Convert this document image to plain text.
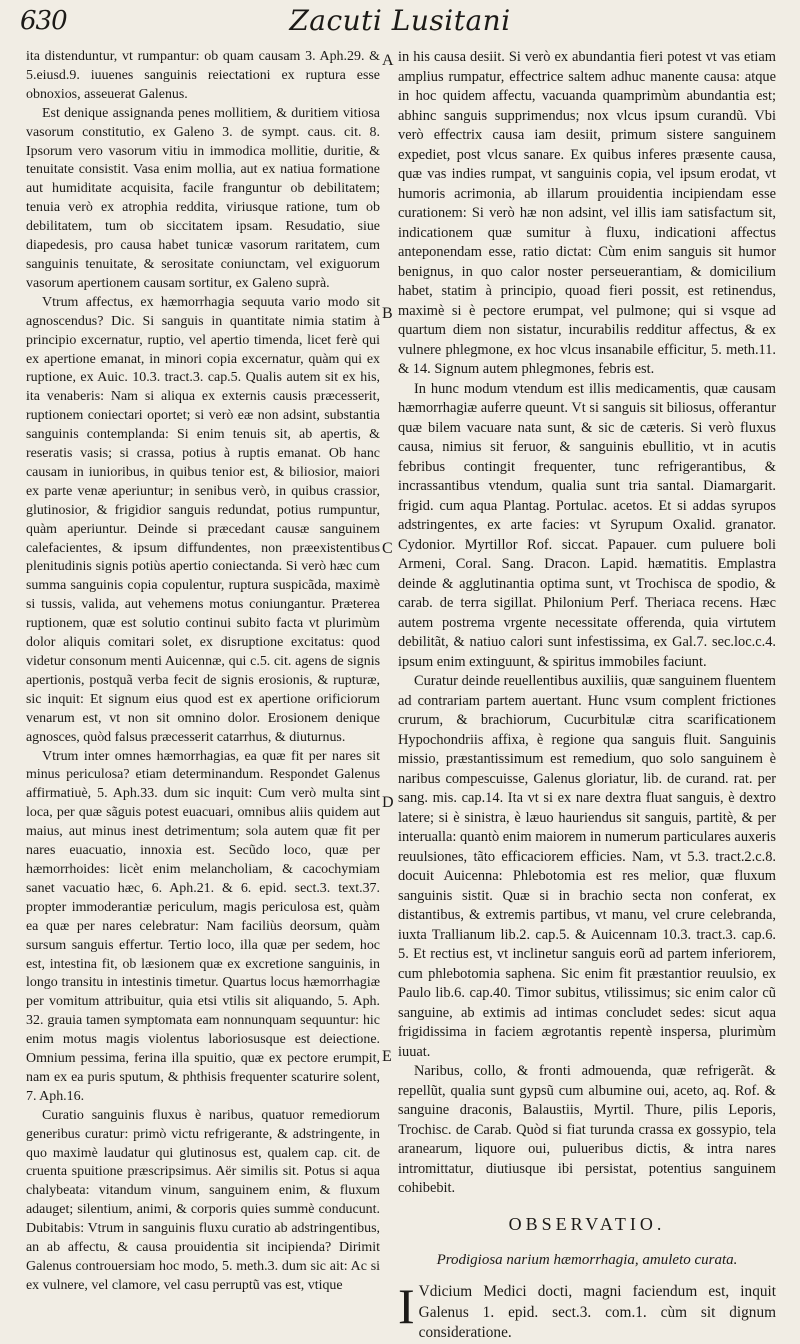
630	Zacuti Lusitani

ita distenduntur, vt rumpantur: ob quam causam 3. Aph.29. & 5.eiusd.9. iuuenes sanguinis reiectationi ex ruptura esse obnoxios, asseuerat Galenus.

Est denique assignanda penes mollitiem, & duritiem vitiosa vasorum constitutio, ex Galeno 3. de sympt. caus. cit. 8. Ipsorum vero vasorum vitiu in immodica mollitie, duritie, & tenuitate consistit. Vasa enim mollia, aut ex natiua formatione aut humiditate acquisita, facile franguntur ob debilitatem; tenuia verò ex atrophia reddita, viriusque ratione, tum ob debilitatem, tum ob siccitatem ipsam. Resudatio, siue diapedesis, pro causa habet tunicæ vasorum raritatem, cum sanguinis tenuitate, & serositate coniunctam, vel exiguorum vasorum apertionem causam sortitur, ex Galeno suprà.

Vtrum affectus, ex hæmorrhagia sequuta vario modo sit agnoscendus? Dic. Si sanguis in quantitate nimia statim à principio excernatur, ruptio, vel apertio timenda, licet ferè qui ex apertione emanat, in minori copia excernatur, quàm qui ex ruptione, ex Auic. 10.3. tract.3. cap.5. Qualis autem sit ex his, ita venaberis: Nam si aliqua ex externis causis præcesserit, ruptionem coniectari oportet; si verò eæ non adsint, substantia sanguinis contemplanda: Si enim tenuis sit, ab apertis, & reseratis vasis; si crassa, potius à ruptis emanat. Ob hanc causam in iunioribus, in quibus tenior est, & biliosior, maiori ex parte venæ aperiuntur; in senibus verò, in quibus crassior, glutinosior, & frigidior sanguis redundat, potius rumpuntur, quàm aperiuntur. Deinde si præcedant causæ sanguinem calefacientes, & ipsum diffundentes, non præexistentibus plenitudinis signis potiùs apertio coniectanda. Si verò hæc cum summa sanguinis copia copulentur, ruptura suspicãda, maximè si tussis, valida, aut vehemens motus coniungantur. Præterea ruptionem, quæ est solutio continui subito facta vt plurimùm dolor aliquis comitari solet, ex disruptione excitatus: quod videtur consonum menti Auicennæ, qui c.5. cit. agens de signis apertionis, postquã verba fecit de signis erosionis, & rupturæ, sic inquit: Et signum eius quod est ex apertione orificiorum venarum est, vt non sit omnino dolor. Erosionem denique agnosces, quòd falsus præcesserit catarrhus, & diuturnus.

Vtrum inter omnes hæmorrhagias, ea quæ fit per nares sit minus periculosa? etiam determinandum. Respondet Galenus affirmatiuè, 5. Aph.33. dum sic inquit: Cum verò multa sint loca, per quæ sãguis potest euacuari, omnibus aliis quidem aut maius, aut minus inest detrimentum; sola autem quæ fit per nares euacuatio, innoxia est. Secũdo loco, quæ per hæmorrhoides: licèt enim melancholiam, & cacochymiam sanet vacuatio hæc, 6. Aph.21. & 6. epid. sect.3. text.37. propter immoderantiæ periculum, magis periculosa est, quàm ea quæ per nares celebratur: Nam faciliùs deorsum, quàm sursum sanguis effertur. Tertio loco, illa quæ per sedem, hoc est, intestina fit, ob læsionem quæ ex excretione sanguinis, in longo transitu in intestinis timetur. Quartus locus hæmorrhagiæ per vomitum attribuitur, quia etsi vtilis sit aliquando, 5. Aph. 32. grauia tamen symptomata eam nonnunquam sequuntur: hic enim motus magis violentus laboriosusque est deiectione. Omnium pessima, ferina illa spuitio, quæ ex pectore erumpit, nam ex ea puris sputum, & phthisis frequenter scaturire solent, 7. Aph.16.

Curatio sanguinis fluxus è naribus, quatuor remediorum generibus curatur: primò victu refrigerante, & adstringente, in quo maximè laudatur qui glutinosus est, qualem cap. cit. de cruenta spuitione præscripsimus. Aër similis sit. Potus si aqua chalybeata: vitandum vinum, sanguinem enim, & fluxum adauget; silentium, animi, & corporis quies summè conducunt. Dubitabis: Vtrum in sanguinis fluxu curatio ab adstringentibus, an ab affectu, & causa prouidentia sit incipienda? Dirimit Galenus controuersiam hoc modo, 5. meth.3. dum sic ait: Ac si ex vulnere, vel clamore, vel casu perruptũ vas est, vtique

A
B
C
D
E

in his causa desiit. Si verò ex abundantia fieri potest vt vas etiam amplius rumpatur, effectrice saltem adhuc manente causa: atque in hoc quidem affectu, vacuanda quamprimùm abundantia est; abhinc sanguis supprimendus; nox vlcus ipsum curandũ. Vbi verò effectrix causa iam desiit, primum sistere sanguinem expediet, post vlcus sanare. Ex quibus inferes præsente causa, quæ vas indies rumpat, vt sanguinis copia, vel ipsum erodat, vt humoris acrimonia, ab illarum prouidentia incipiendam esse curationem: Si verò hæ non adsint, vel illis iam satisfactum sit, indicationem quæ sumitur à fluxu, indicationi affectus anteponendam esse, ratio dictat: Cùm enim sanguis sit humor benignus, in quo calor noster perseuerantiam, & domicilium habet, statim à principio, quoad fieri possit, est retinendus, maximè si è pectore erumpat, vel pulmone; qui si vsque ad quartum diem non sistatur, incurabilis redditur affectus, & ex vulnere phlegmone, ex hoc vlcus insanabile efficitur, 5. meth.11. & 14. Signum autem phlegmones, febris est.

In hunc modum vtendum est illis medicamentis, quæ causam hæmorrhagiæ auferre queunt. Vt si sanguis sit biliosus, offerantur quæ bilem vacuare nata sunt, & sic de cæteris. Si verò fluxus causa, nimius sit feruor, & sanguinis ebullitio, vt in acutis febribus contingit frequenter, tunc refrigerantibus, & incrassantibus vtendum, qualia sunt tria santal. Diamargarit. frigid. cum aqua Plantag. Portulac. acetos. Et si addas syrupos adstringentes, ex arte facies: vt Syrupum Oxalid. granator. Cydonior. Myrtillor Rof. siccat. Papauer. cum puluere boli Armeni, Coral. Sang. Dracon. Lapid. hæmatitis. Emplastra deinde & agglutinantia optima sunt, vt Trochisca de spodio, & carab. de terra sigillat. Philonium Perf. Theriaca recens. Hæc autem postrema vrgente necessitate offerenda, quia virtutem debilitãt, & natiuo calori sunt infestissima, ex Gal.7. sec.loc.c.4. ipsum enim extinguunt, & spiritus immobiles faciunt.

Curatur deinde reuellentibus auxiliis, quæ sanguinem fluentem ad contrariam partem auertant. Hunc vsum complent frictiones crurum, & brachiorum, Cucurbitulæ citra scarificationem Hypochondriis affixa, è regione qua sanguis fluit. Sanguinis missio, præstantissimum est remedium, quo solo sanguinem è naribus compescuisse, Galenus gloriatur, lib. de curand. rat. per sang. mis. cap.14. Ita vt si ex nare dextra fluat sanguis, è dextro latere; si è sinistra, è læuo hauriendus sit sanguis, partitè, & per interualla: quantò enim maiorem in numerum particulares auxeris reuulsiones, tãto efficaciorem efficies. Nam, vt 5.3. tract.2.c.8. docuit Auicenna: Phlebotomia est res melior, quæ fluxum sanguinis sistit. Quæ si in brachio secta non conferat, ex distantibus, & extremis partibus, vt manu, vel crure celebranda, iuxta Trallianum lib.2. cap.5. & Auicennam 10.3. tract.3. cap.6. 5. Et rectius est, vt inclinetur sanguis eorũ ad partem inferiorem, cum phlebotomia saphena. Sic enim fit præstantior reuulsio, ex Paulo lib.6. cap.40. Timor subitus, vtilissimus; sic enim calor cũ sanguine, ab extimis ad intimas concludet sedes: sicut aqua frigidissima in faciem ægrotantis repentè inspersa, plurimùm iuuat.

Naribus, collo, & fronti admouenda, quæ refrigerãt. & repellũt, qualia sunt gypsũ cum albumine oui, aceto, aq. Rof. & sanguine draconis, Balaustiis, Myrtil. Thure, pilis Leporis, Trochisc. de Carab. Quòd si fiat turunda crassa ex gossypio, tela aranearum, liquore oui, pulueribus dictis, & intra nares intromittatur, diutiusque ibi persistat, potentius sanguinem cohibebit.

OBSERVATIO.
Prodigiosa narium hæmorrhagia, amuleto curata.
I Vdicium Medici docti, magni faciendum est, inquit Galenus 1. epid. sect.3. com.1. cùm sit dignum consideratione.
